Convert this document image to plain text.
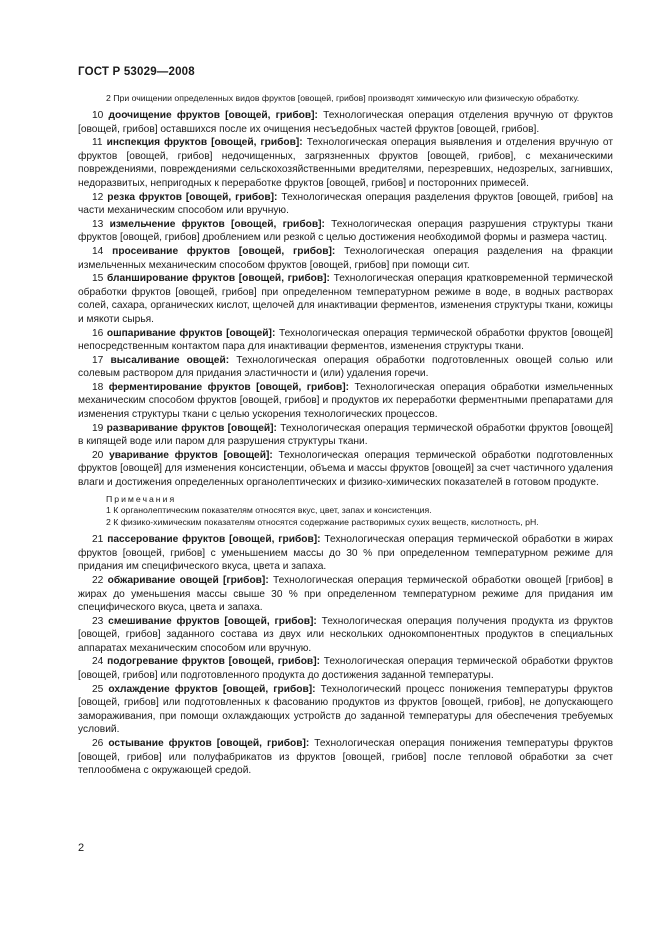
ГОСТ Р 53029—2008

2 При очищении определенных видов фруктов [овощей, грибов] производят химическую или физическую обработку.

10 доочищение фруктов [овощей, грибов]: Технологическая операция отделения вручную от фруктов [овощей, грибов] оставшихся после их очищения несъедобных частей фруктов [овощей, грибов].

11 инспекция фруктов [овощей, грибов]: Технологическая операция выявления и отделения вручную от фруктов [овощей, грибов] недочищенных, загрязненных фруктов [овощей, грибов], с механическими повреждениями, повреждениями сельскохозяйственными вредителями, перезревших, недозрелых, загнивших, недоразвитых, непригодных к переработке фруктов [овощей, грибов] и посторонних примесей.

12 резка фруктов [овощей, грибов]: Технологическая операция разделения фруктов [овощей, грибов] на части механическим способом или вручную.

13 измельчение фруктов [овощей, грибов]: Технологическая операция разрушения структуры ткани фруктов [овощей, грибов] дроблением или резкой с целью достижения необходимой формы и размера частиц.

14 просеивание фруктов [овощей, грибов]: Технологическая операция разделения на фракции измельченных механическим способом фруктов [овощей, грибов] при помощи сит.

15 бланширование фруктов [овощей, грибов]: Технологическая операция кратковременной термической обработки фруктов [овощей, грибов] при определенном температурном режиме в воде, в водных растворах солей, сахара, органических кислот, щелочей для инактивации ферментов, изменения структуры ткани, кожицы и мякоти сырья.

16 ошпаривание фруктов [овощей]: Технологическая операция термической обработки фруктов [овощей] непосредственным контактом пара для инактивации ферментов, изменения структуры ткани.

17 высаливание овощей: Технологическая операция обработки подготовленных овощей солью или солевым раствором для придания эластичности и (или) удаления горечи.

18 ферментирование фруктов [овощей, грибов]: Технологическая операция обработки измельченных механическим способом фруктов [овощей, грибов] и продуктов их переработки ферментными препаратами для изменения структуры ткани с целью ускорения технологических процессов.

19 разваривание фруктов [овощей]: Технологическая операция термической обработки фруктов [овощей] в кипящей воде или паром для разрушения структуры ткани.

20 уваривание фруктов [овощей]: Технологическая операция термической обработки подготовленных фруктов [овощей] для изменения консистенции, объема и массы фруктов [овощей] за счет частичного удаления влаги и достижения определенных органолептических и физико-химических показателей в готовом продукте.

Примечания
1 К органолептическим показателям относятся вкус, цвет, запах и консистенция.
2 К физико-химическим показателям относятся содержание растворимых сухих веществ, кислотность, рН.

21 пассерование фруктов [овощей, грибов]: Технологическая операция термической обработки в жирах фруктов [овощей, грибов] с уменьшением массы до 30 % при определенном температурном режиме для придания им специфического вкуса, цвета и запаха.

22 обжаривание овощей [грибов]: Технологическая операция термической обработки овощей [грибов] в жирах до уменьшения массы свыше 30 % при определенном температурном режиме для придания им специфического вкуса, цвета и запаха.

23 смешивание фруктов [овощей, грибов]: Технологическая операция получения продукта из фруктов [овощей, грибов] заданного состава из двух или нескольких однокомпонентных продуктов в специальных аппаратах механическим способом или вручную.

24 подогревание фруктов [овощей, грибов]: Технологическая операция термической обработки фруктов [овощей, грибов] или подготовленного продукта до достижения заданной температуры.

25 охлаждение фруктов [овощей, грибов]: Технологический процесс понижения температуры фруктов [овощей, грибов] или подготовленных к фасованию продуктов из фруктов [овощей, грибов], не допускающего замораживания, при помощи охлаждающих устройств до заданной температуры для обеспечения требуемых условий.

26 остывание фруктов [овощей, грибов]: Технологическая операция понижения температуры фруктов [овощей, грибов] или полуфабрикатов из фруктов [овощей, грибов] после тепловой обработки за счет теплообмена с окружающей средой.

2
